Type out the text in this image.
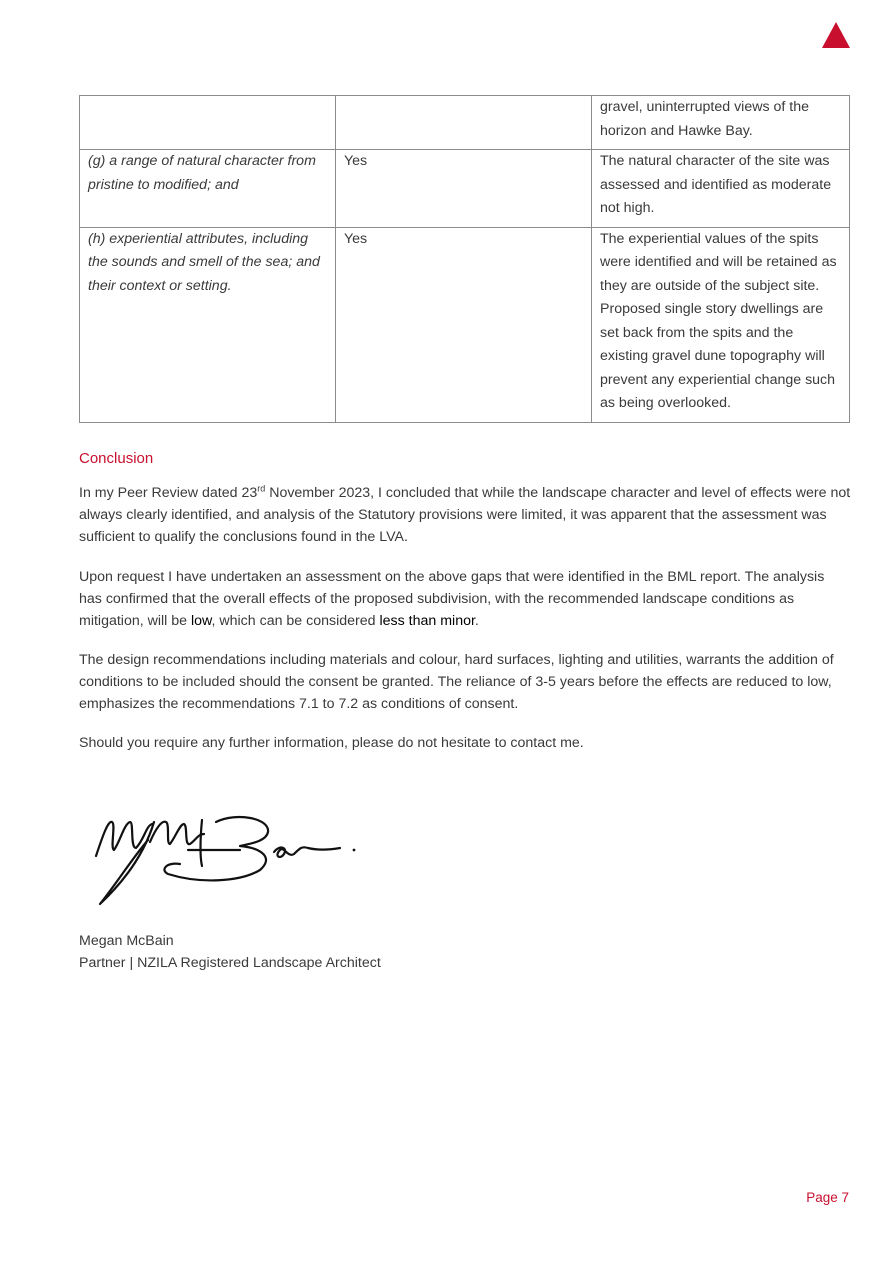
		gravel, uninterrupted views of the horizon and Hawke Bay.
(g) a range of natural character from pristine to modified; and	Yes	The natural character of the site was assessed and identified as moderate not high.
(h) experiential attributes, including the sounds and smell of the sea; and their context or setting.	Yes	The experiential values of the spits were identified and will be retained as they are outside of the subject site. Proposed single story dwellings are set back from the spits and the existing gravel dune topography will prevent any experiential change such as being overlooked.
Conclusion

In my Peer Review dated 23rd November 2023, I concluded that while the landscape character and level of effects were not always clearly identified, and analysis of the Statutory provisions were limited, it was apparent that the assessment was sufficient to qualify the conclusions found in the LVA.

Upon request I have undertaken an assessment on the above gaps that were identified in the BML report. The analysis has confirmed that the overall effects of the proposed subdivision, with the recommended landscape conditions as mitigation, will be low, which can be considered less than minor.

The design recommendations including materials and colour, hard surfaces, lighting and utilities, warrants the addition of conditions to be included should the consent be granted. The reliance of 3-5 years before the effects are reduced to low, emphasizes the recommendations 7.1 to 7.2 as conditions of consent.

Should you require any further information, please do not hesitate to contact me.

Megan McBain
Partner | NZILA Registered Landscape Architect
Page 7
